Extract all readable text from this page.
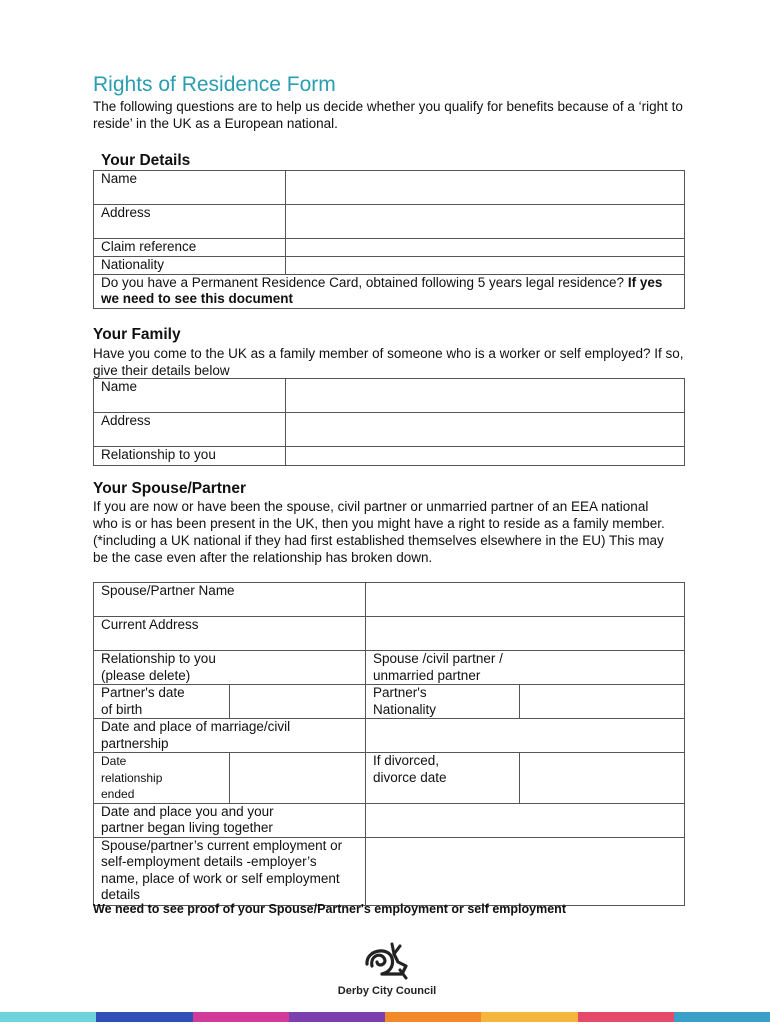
Rights of Residence Form
The following questions are to help us decide whether you qualify for benefits because of a ‘right to reside’ in the UK as a European national.
Your Details
Name	
Address	
Claim reference	
Nationality	
Do you have a Permanent Residence Card, obtained following 5 years legal residence? If yes we need to see this document	
Your Family
Have you come to the UK as a family member of someone who is a worker or self employed? If so, give their details below
Name	
Address	
Relationship to you	
Your Spouse/Partner
If you are now or have been the spouse, civil partner or unmarried partner of an EEA national who is or has been present in the UK, then you might have a right to reside as a family member. (*including a UK national if they had first established themselves elsewhere in the EU) This may be the case even after the relationship has broken down.
Spouse/Partner Name			
Current Address			
Relationship to you (please delete)		Spouse /civil partner / unmarried partner	
Partner's date of birth		Partner's Nationality	
Date and place of marriage/civil partnership			
Date relationship ended		If divorced, divorce date	
Date and place you and your partner began living together			
Spouse/partner’s current employment or self-employment details -employer’s name, place of work or self employment details			
We need to see proof of your Spouse/Partner's employment or self employment
Derby City Council
